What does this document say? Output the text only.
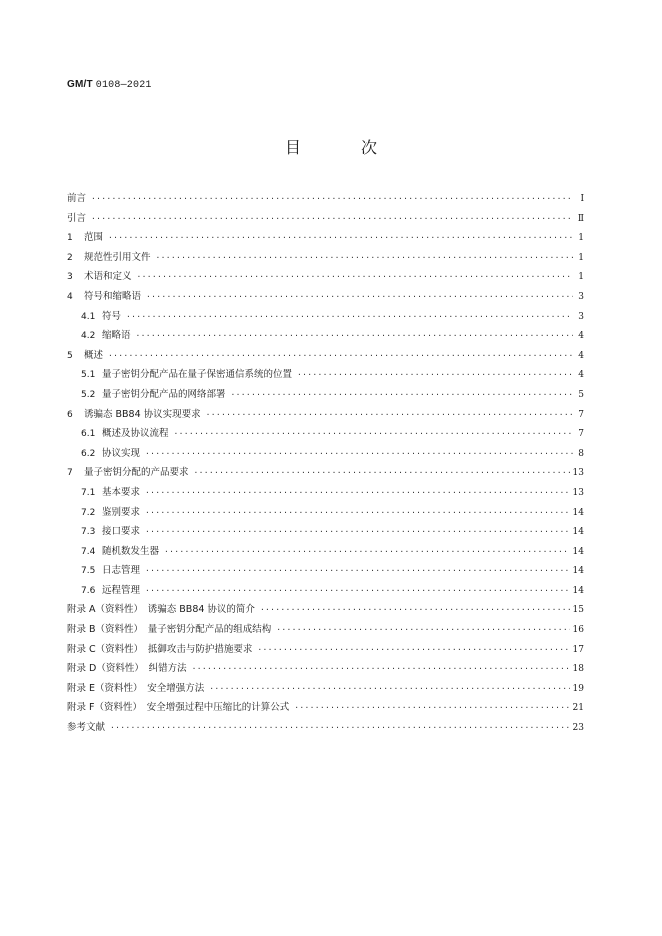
GM/T 0108—2021
目　次
前言 ·····	Ⅰ
引言 ·····	Ⅱ
1	范围 ·····	1
2	规范性引用文件 ·····	1
3	术语和定义 ·····	1
4	符号和缩略语 ·····	3
4.1 符号 ·····	3
4.2 缩略语 ·····	4
5	概述 ·····	4
5.1 量子密钥分配产品在量子保密通信系统的位置 ·····	4
5.2 量子密钥分配产品的网络部署 ·····	5
6	诱骗态 BB84 协议实现要求 ·····	7
6.1 概述及协议流程 ·····	7
6.2 协议实现 ·····	8
7	量子密钥分配的产品要求 ·····	13
7.1 基本要求 ·····	13
7.2 鉴别要求 ·····	14
7.3 接口要求 ·····	14
7.4 随机数发生器 ·····	14
7.5 日志管理 ·····	14
7.6 远程管理 ·····	14
附录 A（资料性）　诱骗态 BB84 协议的简介 ·····	15
附录 B（资料性）　量子密钥分配产品的组成结构 ·····	16
附录 C（资料性）　抵御攻击与防护措施要求 ·····	17
附录 D（资料性）　纠错方法 ·····	18
附录 E（资料性）　安全增强方法 ·····	19
附录 F（资料性）　安全增强过程中压缩比的计算公式 ·····	21
参考文献 ·····	23
